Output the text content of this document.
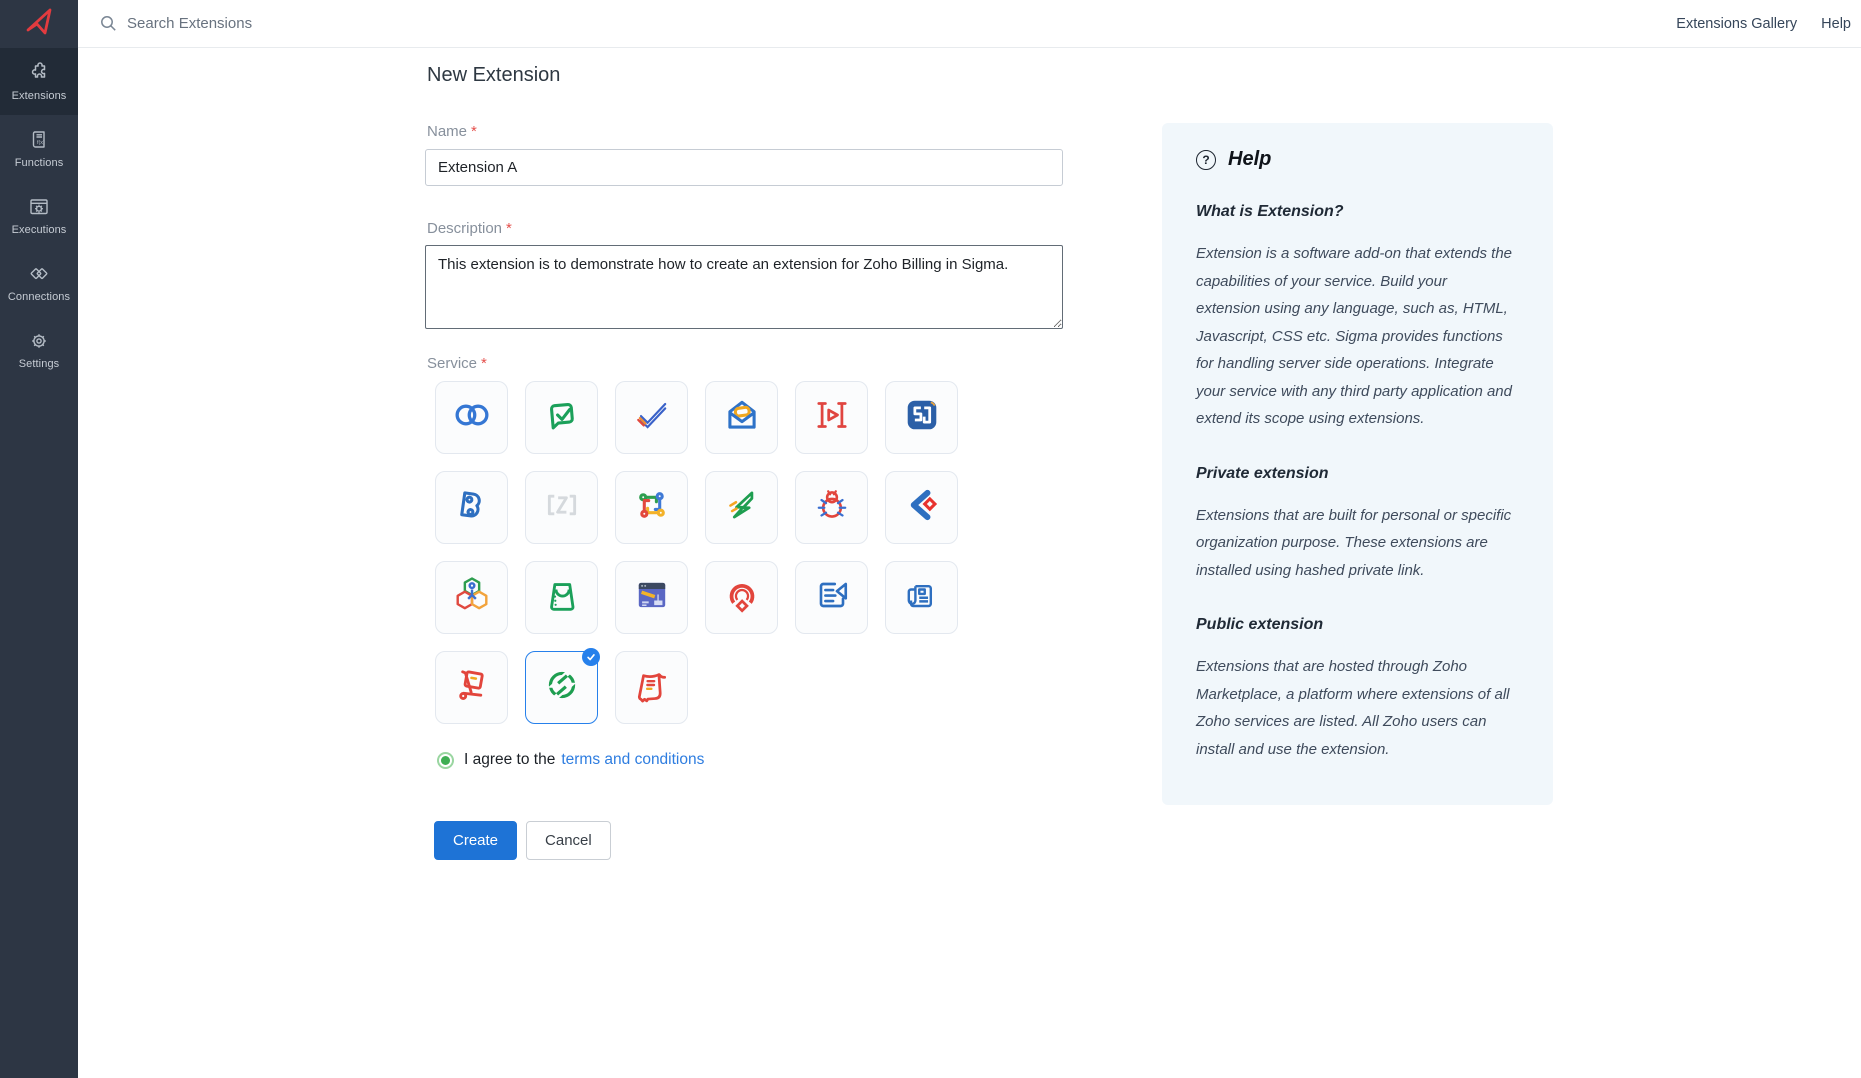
Extensions
f(x)
Functions
Executions
Connections
Settings
Search Extensions
Extensions Gallery Help
New Extension
Name *
Extension A
Description *
This extension is to demonstrate how to create an extension for Zoho Billing in Sigma.
Service *
I agree to the terms and conditions
Create	Cancel
? Help
What is Extension?

Extension is a software add-on that extends the capabilities of your service. Build your extension using any language, such as, HTML, Javascript, CSS etc. Sigma provides functions for handling server side operations. Integrate your service with any third party application and extend its scope using extensions.

Private extension

Extensions that are built for personal or specific organization purpose. These extensions are installed using hashed private link.

Public extension

Extensions that are hosted through Zoho Marketplace, a platform where extensions of all Zoho services are listed. All Zoho users can install and use the extension.
